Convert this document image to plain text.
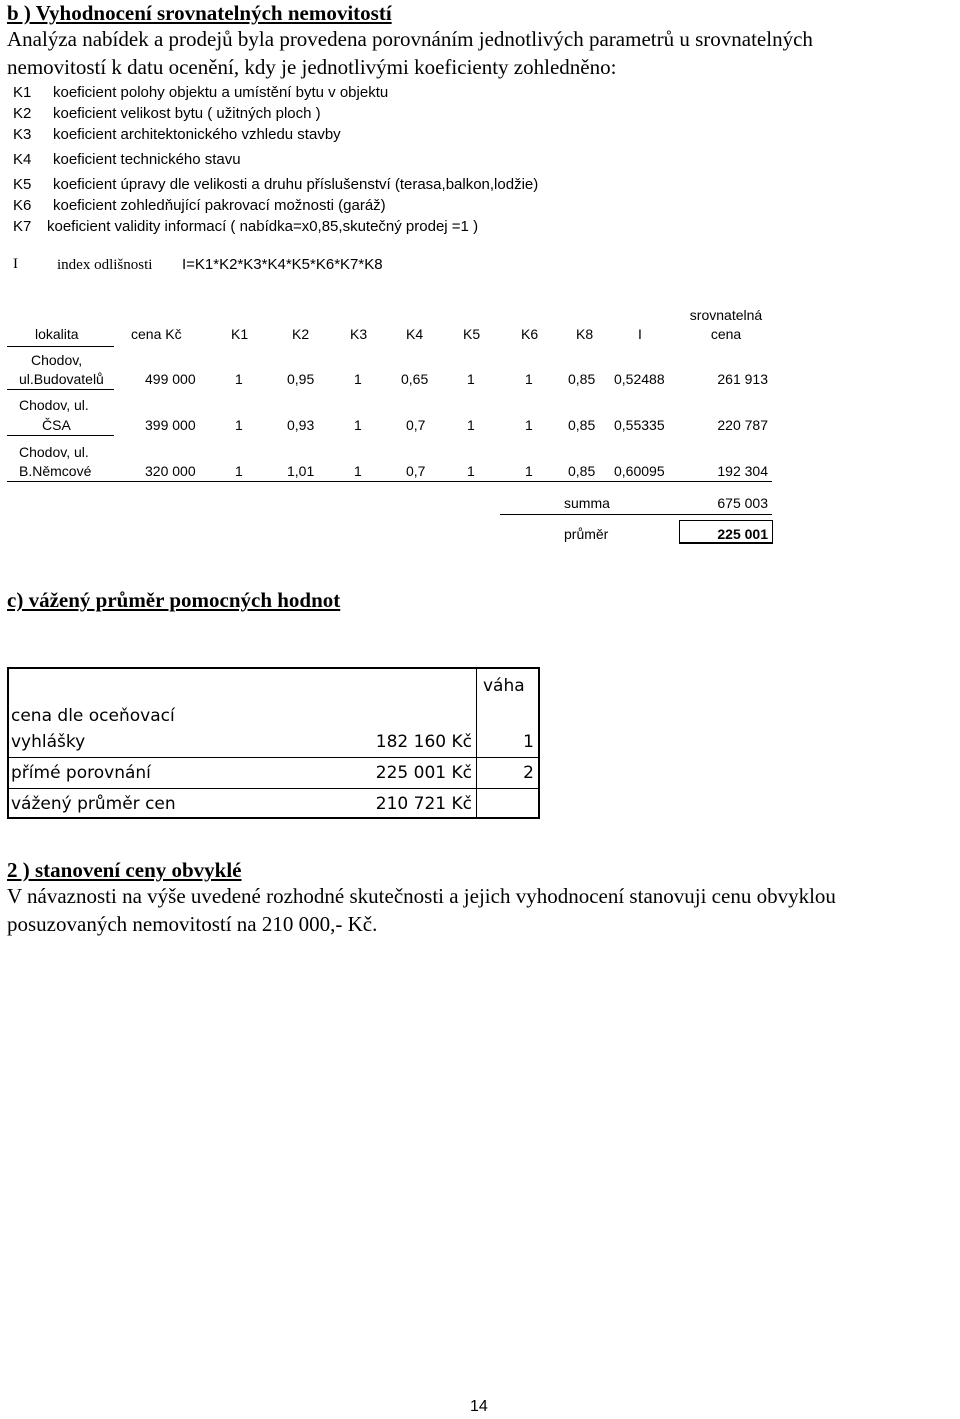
b ) Vyhodnocení srovnatelných nemovitostí
Analýza nabídek a prodejů byla provedena porovnáním jednotlivých parametrů u srovnatelných
nemovitostí k datu ocenění, kdy je jednotlivými koeficienty zohledněno:
K1 koeficient polohy objektu a umístění bytu v objektu
K2 koeficient velikost bytu ( užitných ploch )
K3 koeficient architektonického vzhledu stavby
K4 koeficient technického stavu
K5 koeficient úpravy dle velikosti a druhu příslušenství (terasa,balkon,lodžie)
K6 koeficient zohledňující pakrovací možnosti (garáž)
K7 koeficient validity informací ( nabídka=x0,85,skutečný prodej =1 )
I	index odlišnosti I=K1*K2*K3*K4*K5*K6*K7*K8
lokalita	cena Kč	K1	K2	K3	K4	K5	K6	K8	I
srovnatelná
cena
Chodov,
ul.Budovatelů	499 000	1	0,95	1	0,65	1	1	0,85 0,52488	261 913
Chodov, ul.
ČSA	399 000	1	0,93	1	0,7	1	1	0,85 0,55335	220 787
Chodov, ul.
B.Němcové	320 000	1	1,01	1	0,7	1	1	0,85 0,60095	192 304
summa	675 003
průměr	225 001
c) vážený průměr pomocných hodnot
váha
cena dle oceňovací
vyhlášky	182 160 Kč	1
přímé porovnání	225 001 Kč	2
vážený průměr cen	210 721 Kč
2 ) stanovení ceny obvyklé
V návaznosti na výše uvedené rozhodné skutečnosti a jejich vyhodnocení stanovuji cenu obvyklou
posuzovaných nemovitostí na 210 000,- Kč.
14
